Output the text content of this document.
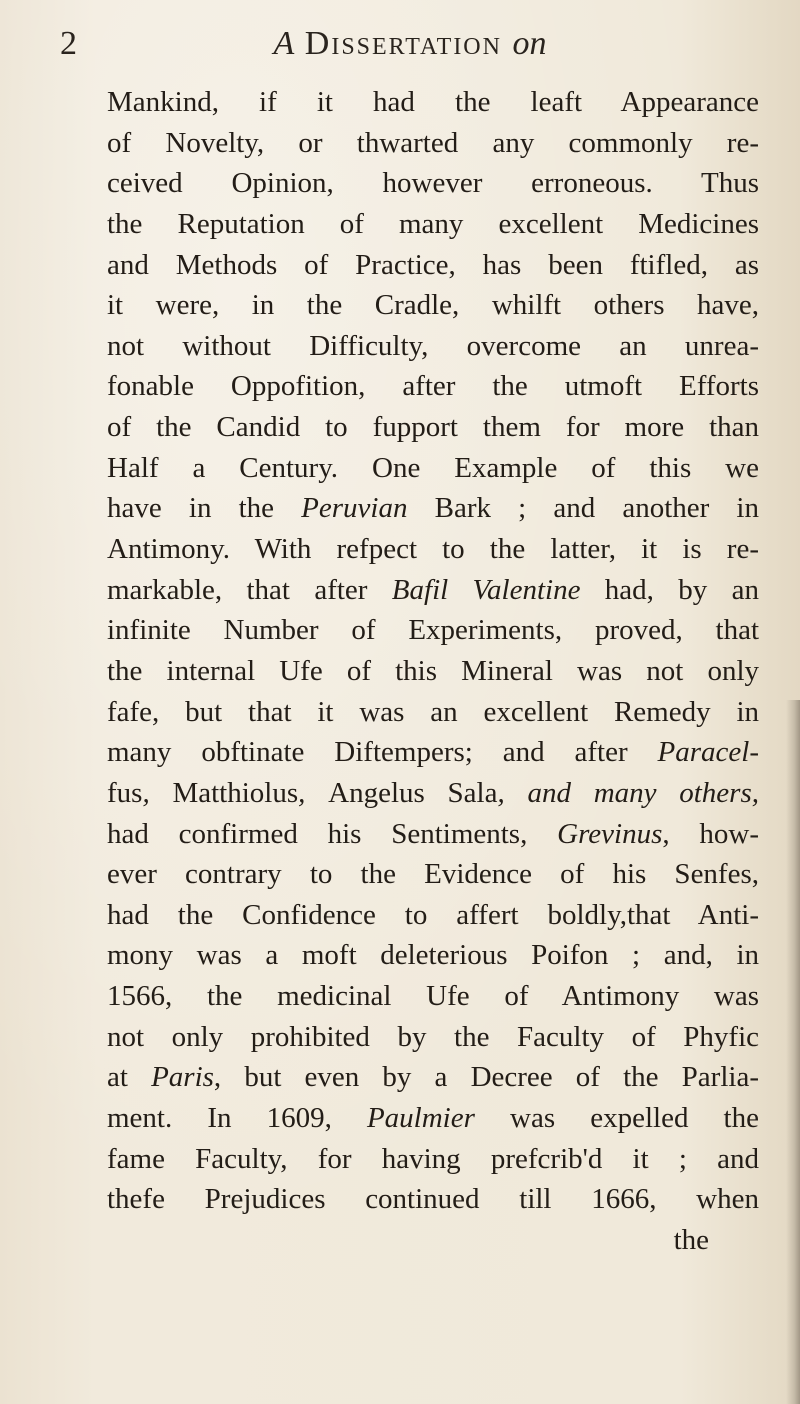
2	A Dissertation on
Mankind, if it had the leaft Appearance
of Novelty, or thwarted any commonly re-
ceived Opinion, however erroneous. Thus
the Reputation of many excellent Medicines
and Methods of Practice, has been ftifled, as
it were, in the Cradle, whilft others have,
not without Difficulty, overcome an unrea-
fonable Oppofition, after the utmoft Efforts
of the Candid to fupport them for more than
Half a Century. One Example of this we
have in the Peruvian Bark ; and another in
Antimony. With refpect to the latter, it is re-
markable, that after Bafil Valentine had, by an
infinite Number of Experiments, proved, that
the internal Ufe of this Mineral was not only
fafe, but that it was an excellent Remedy in
many obftinate Diftempers; and after Paracel-
fus, Matthiolus, Angelus Sala, and many others,
had confirmed his Sentiments, Grevinus, how-
ever contrary to the Evidence of his Senfes,
had the Confidence to affert boldly,that Anti-
mony was a moft deleterious Poifon ; and, in
1566, the medicinal Ufe of Antimony was
not only prohibited by the Faculty of Phyfic
at Paris, but even by a Decree of the Parlia-
ment. In 1609, Paulmier was expelled the
fame Faculty, for having prefcrib'd it ; and
thefe Prejudices continued till 1666, when
the
